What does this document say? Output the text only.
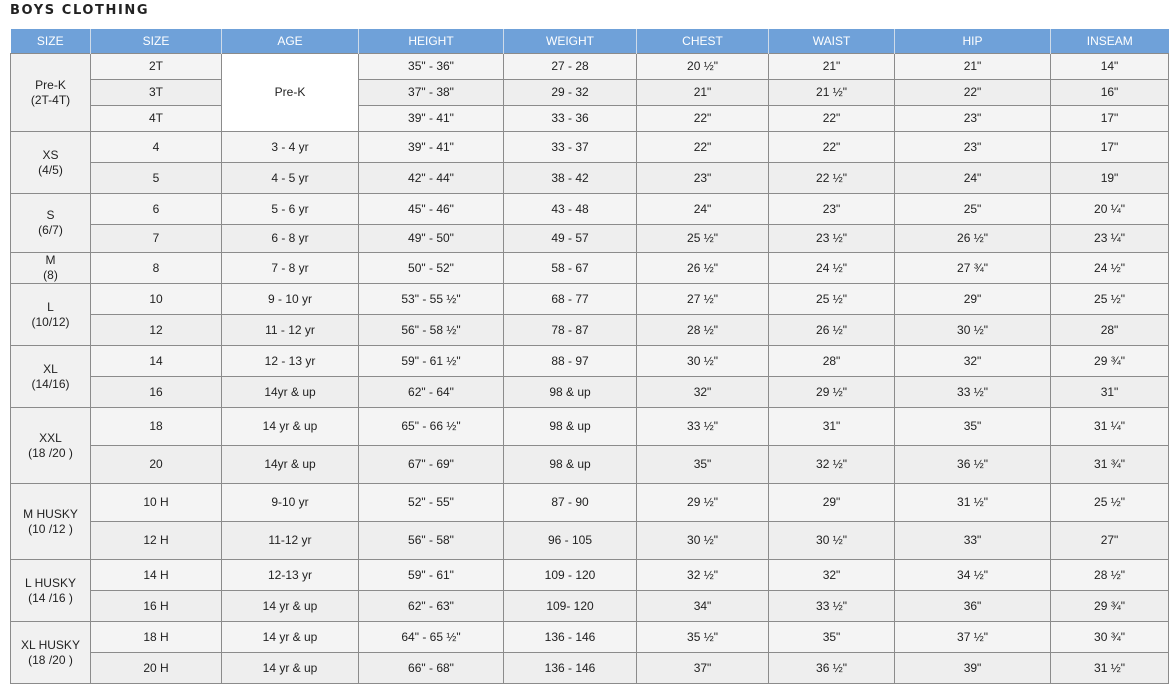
BOYS CLOTHING
SIZE	SIZE	AGE	HEIGHT	WEIGHT	CHEST	WAIST	HIP	INSEAM

Pre-K
(2T-4T)	2T	Pre-K	35" - 36"	27 - 28	20 ½"	21"	21"	14"
	3T		37" - 38"	29 - 32	21"	21 ½"	22"	16"
	4T		39" - 41"	33 - 36	22"	22"	23"	17"

XS
(4/5)	4	3 - 4 yr	39" - 41"	33 - 37	22"	22"	23"	17"
	5	4 - 5 yr	42" - 44"	38 - 42	23"	22 ½"	24"	19"

S
(6/7)	6	5 - 6 yr	45" - 46"	43 - 48	24"	23"	25"	20 ¼"
	7	6 - 8 yr	49" - 50"	49 - 57	25 ½"	23 ½"	26 ½"	23 ¼"

M
(8)	8	7 - 8 yr	50" - 52"	58 - 67	26 ½"	24 ½"	27 ¾"	24 ½"

L
(10/12)	10	9 - 10 yr	53" - 55 ½"	68 - 77	27 ½"	25 ½"	29"	25 ½"
	12	11 - 12 yr	56" - 58 ½"	78 - 87	28 ½"	26 ½"	30 ½"	28"

XL
(14/16)	14	12 - 13 yr	59" - 61 ½"	88 - 97	30 ½"	28"	32"	29 ¾"
	16	14yr & up	62" - 64"	98 & up	32"	29 ½"	33 ½"	31"

XXL
(18 /20 )	18	14 yr & up	65" - 66 ½"	98 & up	33 ½"	31"	35"	31 ¼"
	20	14yr & up	67" - 69"	98 & up	35"	32 ½"	36 ½"	31 ¾"

M HUSKY
(10 /12 )	10 H	9-10 yr	52" - 55"	87 - 90	29 ½"	29"	31 ½"	25 ½"
	12 H	11-12 yr	56" - 58"	96 - 105	30 ½"	30 ½"	33"	27"

L HUSKY
(14 /16 )	14 H	12-13 yr	59" - 61"	109 - 120	32 ½"	32"	34 ½"	28 ½"
	16 H	14 yr & up	62" - 63"	109- 120	34"	33 ½"	36"	29 ¾"

XL HUSKY
(18 /20 )	18 H	14 yr & up	64" - 65 ½"	136 - 146	35 ½"	35"	37 ½"	30 ¾"
	20 H	14 yr & up	66" - 68"	136 - 146	37"	36 ½"	39"	31 ½"
